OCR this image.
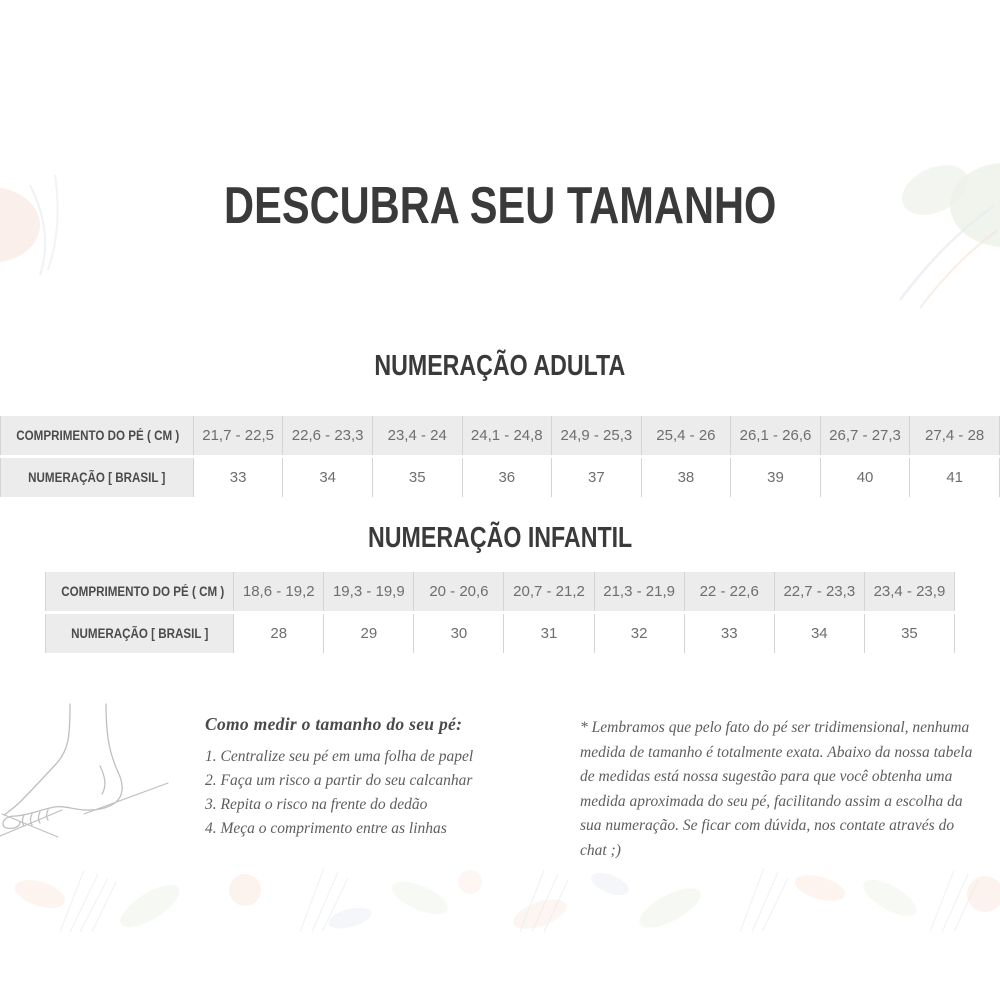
DESCUBRA SEU TAMANHO
NUMERAÇÃO ADULTA
COMPRIMENTO DO PÉ ( CM )	21,7 - 22,5	22,6 - 23,3	23,4 - 24	24,1 - 24,8	24,9 - 25,3	25,4 - 26	26,1 - 26,6	26,7 - 27,3	27,4 - 28
NUMERAÇÃO [ BRASIL ]	33	34	35	36	37	38	39	40	41
NUMERAÇÃO INFANTIL
COMPRIMENTO DO PÉ ( CM )	18,6 - 19,2	19,3 - 19,9	20 - 20,6	20,7 - 21,2	21,3 - 21,9	22 - 22,6	22,7 - 23,3	23,4 - 23,9
NUMERAÇÃO [ BRASIL ]	28	29	30	31	32	33	34	35

Como medir o tamanho do seu pé:

1. Centralize seu pé em uma folha de papel

2. Faça um risco a partir do seu calcanhar

3. Repita o risco na frente do dedão

4. Meça o comprimento entre as linhas

* Lembramos que pelo fato do pé ser tridimensional, nenhuma medida de tamanho é totalmente exata. Abaixo da nossa tabela de medidas está nossa sugestão para que você obtenha uma medida aproximada do seu pé, facilitando assim a escolha da sua numeração. Se ficar com dúvida, nos contate através do chat ;)
